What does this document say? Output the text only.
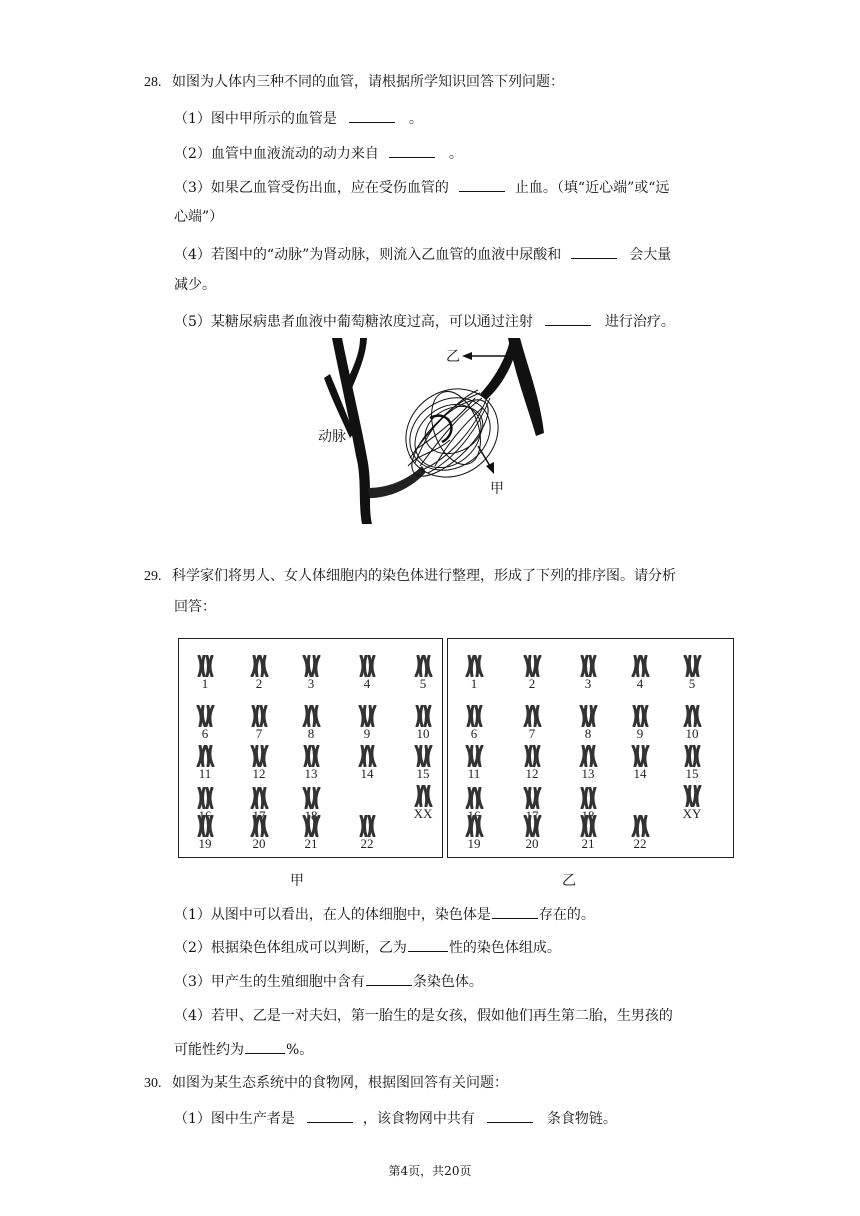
28. 如图为人体内三种不同的血管，请根据所学知识回答下列问题：
（1）图中甲所示的血管是	。
（2）血管中血液流动的动力来自	。
（3）如果乙血管受伤出血，应在受伤血管的	止血。（填“近心端”或“远
心端”）
（4）若图中的“动脉”为肾动脉，则流入乙血管的血液中尿酸和	会大量
减少。
（5）某糖尿病患者血液中葡萄糖浓度过高，可以通过注射	进行治疗。
乙
动脉
甲
29. 科学家们将男人、女人体细胞内的染色体进行整理，形成了下列的排序图。请分析
回答：
1	2	3	4	5
6	7	8	9	10
11	12	13	14	15
16	17	18
19	20	21	22
XX
1	2	3	4	5
6	7	8	9	10
11	12	13	14	15
16	17	18
19	20	21	22
XY
甲	乙
（1）从图中可以看出，在人的体细胞中，染色体是	存在的。
（2）根据染色体组成可以判断，乙为	性的染色体组成。
（3）甲产生的生殖细胞中含有	条染色体。
（4）若甲、乙是一对夫妇，第一胎生的是女孩，假如他们再生第二胎，生男孩的
可能性约为	%。
30. 如图为某生态系统中的食物网，根据图回答有关问题：
（1）图中生产者是	，该食物网中共有	条食物链。
第4页，共20页
